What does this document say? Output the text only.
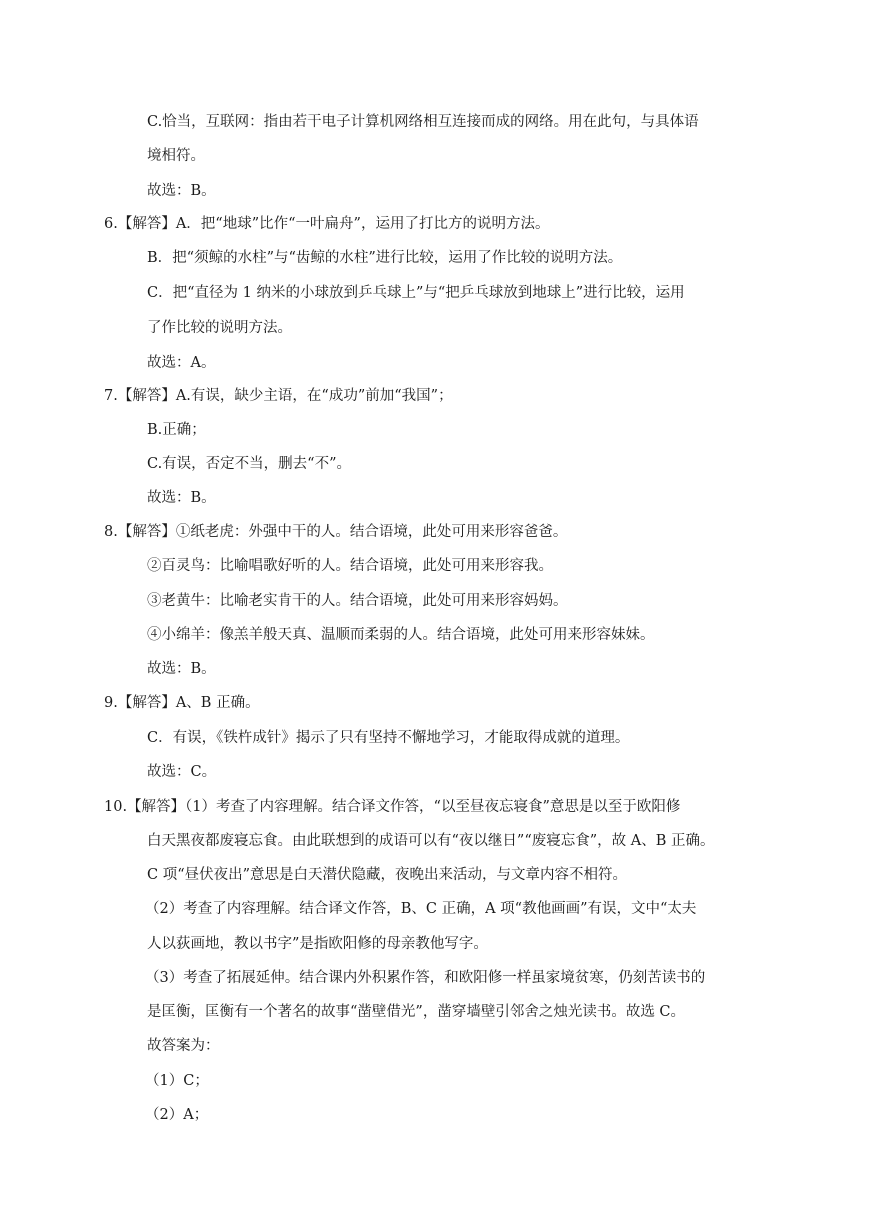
C.恰当，互联网：指由若干电子计算机网络相互连接而成的网络。用在此句，与具体语
境相符。
故选：B。
6.【解答】A．把“地球”比作“一叶扁舟”，运用了打比方的说明方法。
B．把“须鲸的水柱”与“齿鲸的水柱”进行比较，运用了作比较的说明方法。
C．把“直径为 1 纳米的小球放到乒乓球上”与“把乒乓球放到地球上”进行比较，运用
了作比较的说明方法。
故选：A。
7.【解答】A.有误，缺少主语，在“成功”前加“我国”；
B.正确；
C.有误，否定不当，删去“不”。
故选：B。
8.【解答】①纸老虎：外强中干的人。结合语境，此处可用来形容爸爸。
②百灵鸟：比喻唱歌好听的人。结合语境，此处可用来形容我。
③老黄牛：比喻老实肯干的人。结合语境，此处可用来形容妈妈。
④小绵羊：像羔羊般天真、温顺而柔弱的人。结合语境，此处可用来形容妹妹。
故选：B。
9.【解答】A、B 正确。
C．有误，《铁杵成针》揭示了只有坚持不懈地学习，才能取得成就的道理。
故选：C。
10.【解答】（1）考查了内容理解。结合译文作答，“以至昼夜忘寝食”意思是以至于欧阳修
白天黑夜都废寝忘食。由此联想到的成语可以有“夜以继日”“废寝忘食”，故 A、B 正确。
C 项“昼伏夜出”意思是白天潜伏隐藏，夜晚出来活动，与文章内容不相符。
（2）考查了内容理解。结合译文作答，B、C 正确，A 项“教他画画”有误，文中“太夫
人以荻画地，教以书字”是指欧阳修的母亲教他写字。
（3）考查了拓展延伸。结合课内外积累作答，和欧阳修一样虽家境贫寒，仍刻苦读书的
是匡衡，匡衡有一个著名的故事“凿壁借光”，凿穿墙壁引邻舍之烛光读书。故选 C。
故答案为：
（1）C；
（2）A；
